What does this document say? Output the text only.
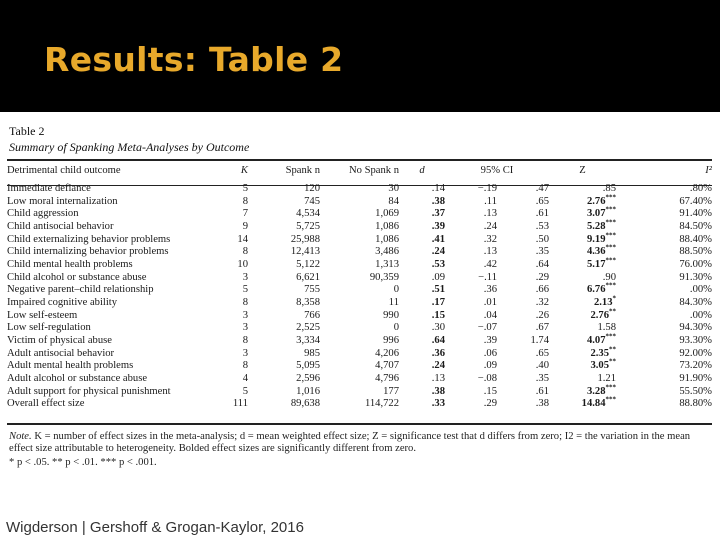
Results: Table 2
Table 2
Summary of Spanking Meta-Analyses by Outcome
Detrimental child outcome	K	Spank n	No Spank n	d	95% CI		Z	I²
Immediate defiance	5	120	30	.14	−.19	.47	.85	.80%
Low moral internalization	8	745	84	.38	.11	.65	2.76***	67.40%
Child aggression	7	4,534	1,069	.37	.13	.61	3.07***	91.40%
Child antisocial behavior	9	5,725	1,086	.39	.24	.53	5.28***	84.50%
Child externalizing behavior problems	14	25,988	1,086	.41	.32	.50	9.19***	88.40%
Child internalizing behavior problems	8	12,413	3,486	.24	.13	.35	4.36***	88.50%
Child mental health problems	10	5,122	1,313	.53	.42	.64	5.17***	76.00%
Child alcohol or substance abuse	3	6,621	90,359	.09	−.11	.29	.90	91.30%
Negative parent–child relationship	5	755	0	.51	.36	.66	6.76***	.00%
Impaired cognitive ability	8	8,358	11	.17	.01	.32	2.13*	84.30%
Low self-esteem	3	766	990	.15	.04	.26	2.76**	.00%
Low self-regulation	3	2,525	0	.30	−.07	.67	1.58	94.30%
Victim of physical abuse	8	3,334	996	.64	.39	1.74	4.07***	93.30%
Adult antisocial behavior	3	985	4,206	.36	.06	.65	2.35**	92.00%
Adult mental health problems	8	5,095	4,707	.24	.09	.40	3.05**	73.20%
Adult alcohol or substance abuse	4	2,596	4,796	.13	−.08	.35	1.21	91.90%
Adult support for physical punishment	5	1,016	177	.38	.15	.61	3.28***	55.50%
Overall effect size	111	89,638	114,722	.33	.29	.38	14.84***	88.80%
Note. K = number of effect sizes in the meta-analysis; d = mean weighted effect size; Z = significance test that d differs from zero; I2 = the variation in the mean effect size attributable to heterogeneity. Bolded effect sizes are significantly different from zero.
* p < .05. ** p < .01. *** p < .001.
Wigderson | Gershoff & Grogan-Kaylor, 2016
